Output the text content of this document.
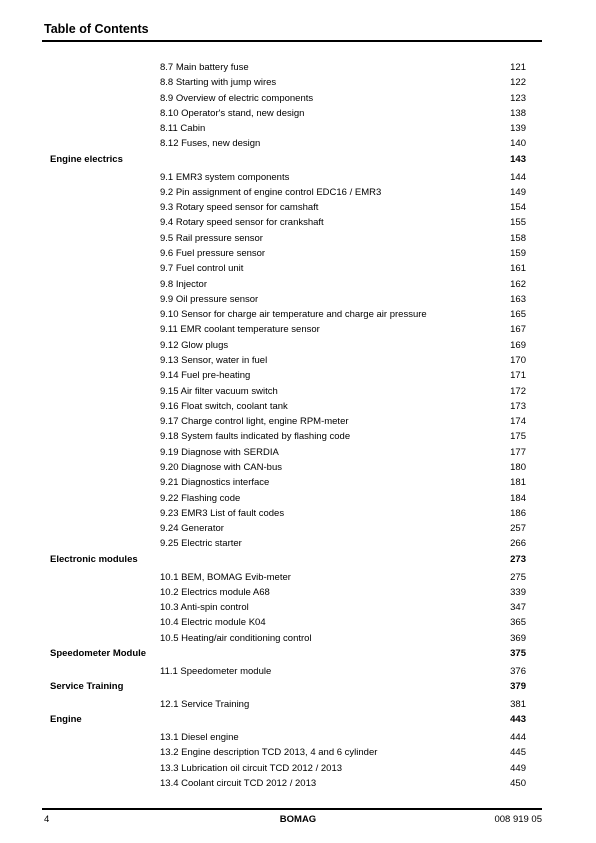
Table of Contents
8.7 Main battery fuse	121
8.8 Starting with jump wires	122
8.9 Overview of electric components	123
8.10 Operator's stand, new design	138
8.11 Cabin	139
8.12 Fuses, new design	140
Engine electrics	143
9.1 EMR3 system components	144
9.2 Pin assignment of engine control EDC16 / EMR3	149
9.3 Rotary speed sensor for camshaft	154
9.4 Rotary speed sensor for crankshaft	155
9.5 Rail pressure sensor	158
9.6 Fuel pressure sensor	159
9.7 Fuel control unit	161
9.8 Injector	162
9.9 Oil pressure sensor	163
9.10 Sensor for charge air temperature and charge air pressure	165
9.11 EMR coolant temperature sensor	167
9.12 Glow plugs	169
9.13 Sensor, water in fuel	170
9.14 Fuel pre-heating	171
9.15 Air filter vacuum switch	172
9.16 Float switch, coolant tank	173
9.17 Charge control light, engine RPM-meter	174
9.18 System faults indicated by flashing code	175
9.19 Diagnose with SERDIA	177
9.20 Diagnose with CAN-bus	180
9.21 Diagnostics interface	181
9.22 Flashing code	184
9.23 EMR3 List of fault codes	186
9.24 Generator	257
9.25 Electric starter	266
Electronic modules	273
10.1 BEM, BOMAG Evib-meter	275
10.2 Electrics module A68	339
10.3 Anti-spin control	347
10.4 Electric module K04	365
10.5 Heating/air conditioning control	369
Speedometer Module	375
11.1 Speedometer module	376
Service Training	379
12.1 Service Training	381
Engine	443
13.1 Diesel engine	444
13.2 Engine description TCD 2013, 4 and 6 cylinder	445
13.3 Lubrication oil circuit TCD 2012 / 2013	449
13.4 Coolant circuit TCD 2012 / 2013	450
4	BOMAG	008 919 05
